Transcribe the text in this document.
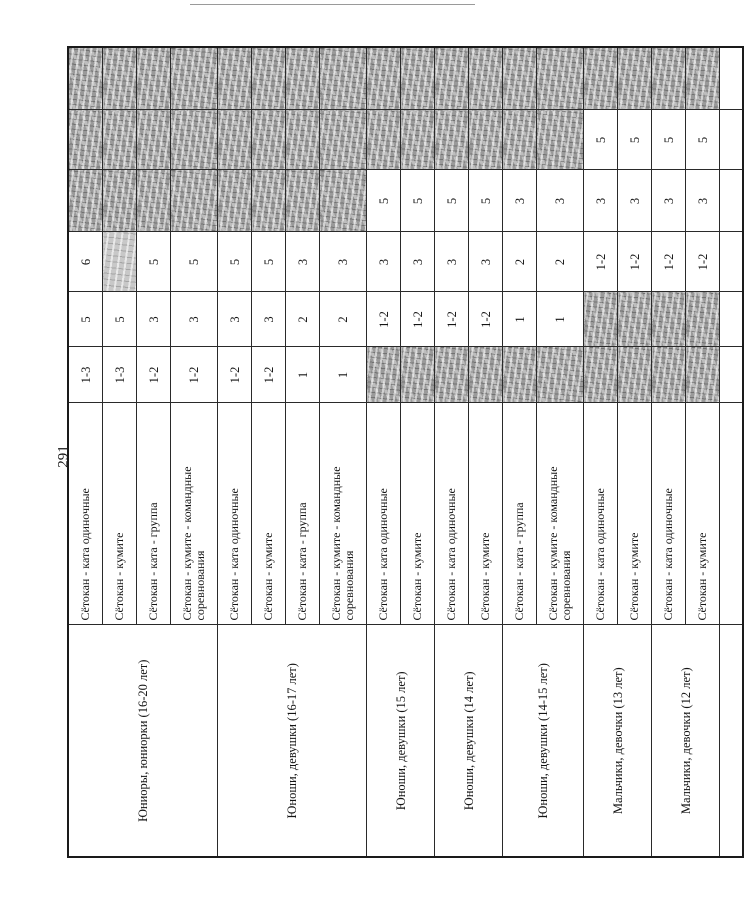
291
Юниоры, юниорки (16-20 лет)	Сётокан - ката одиночные	1-3	5	6			
	Сётокан - кумите	1-3	5				
	Сётокан - ката - группа	1-2	3	5			
	Сётокан - кумите - командные соревнования	1-2	3	5			
Юноши, девушки (16-17 лет)	Сётокан - ката одиночные	1-2	3	5			
	Сётокан - кумите	1-2	3	5			
	Сётокан - ката - группа	1	2	3			
	Сётокан - кумите - командные соревнования	1	2	3			
Юноши, девушки (15 лет)	Сётокан - ката одиночные		1-2	3	5		
	Сётокан - кумите		1-2	3	5		
Юноши, девушки (14 лет)	Сётокан - ката одиночные		1-2	3	5		
	Сётокан - кумите		1-2	3	5		
Юноши, девушки (14-15 лет)	Сётокан - ката - группа		1	2	3		
	Сётокан - кумите - командные соревнования		1	2	3		
Мальчики, девочки (13 лет)	Сётокан - ката одиночные			1-2	3	5	
	Сётокан - кумите			1-2	3	5	
Мальчики, девочки (12 лет)	Сётокан - ката одиночные			1-2	3	5	
	Сётокан - кумите			1-2	3	5	
